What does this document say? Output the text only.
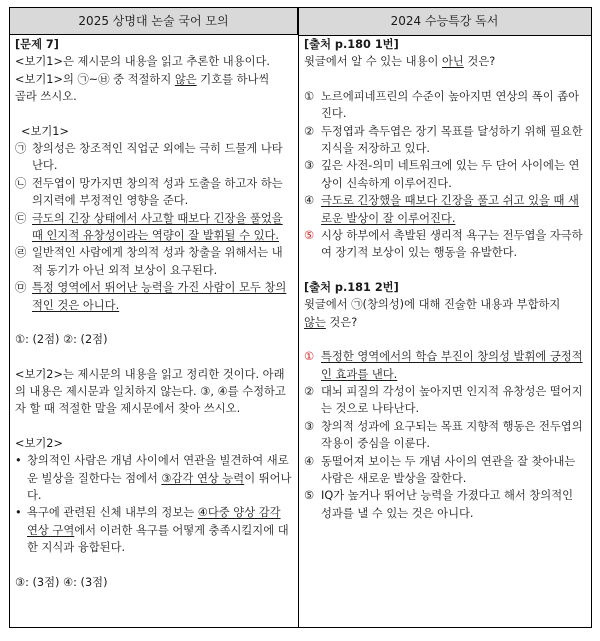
2025 상명대 논술 국어 모의	2024 수능특강 독서

[문제 7]

<보기1>은 제시문의 내용을 읽고 추론한 내용이다.

<보기1>의 ㉠~㉥ 중 적절하지 않은 기호를 하나씩

골라 쓰시오.

<보기1>

㉠ 창의성은 창조적인 직업군 외에는 극히 드물게 나타난다.
㉡ 전두엽이 망가지면 창의적 성과 도출을 하고자 하는 의지력에 부정적인 영향을 준다.
㉢ 극도의 긴장 상태에서 사고할 때보다 긴장을 풀었을 때 인지적 유창성이라는 역량이 잘 발휘될 수 있다.
㉣ 일반적인 사람에게 창의적 성과 창출을 위해서는 내적 동기가 아닌 외적 보상이 요구된다.
㉤ 특정 영역에서 뛰어난 능력을 가진 사람이 모두 창의적인 것은 아니다.

①: (2점) ②: (2점)

<보기2>는 제시문의 내용을 읽고 정리한 것이다. 아래의 내용은 제시문과 일치하지 않는다. ③, ④를 수정하고자 할 때 적절한 말을 제시문에서 찾아 쓰시오.

<보기2>

• 창의적인 사람은 개념 사이에서 연관을 빌견하여 새로운 빌상을 질한다는 점에서 ③감각 연상 능력이 뛰어나다.
• 욕구에 관련된 신체 내부의 정보는 ④다중 양상 감각 연상 구역에서 이러한 욕구를 어떻게 충족시킬지에 대한 지식과 융합된다.

③: (3점) ④: (3점)

[출처 p.180 1번]

윗글에서 알 수 있는 내용이 아닌 것은?

① 노르에피네프린의 수준이 높아지면 연상의 폭이 좁아진다.
② 두정엽과 측두엽은 장기 목표를 달성하기 위해 필요한 지식을 저장하고 있다.
③ 깊은 사전-의미 네트워크에 있는 두 단어 사이에는 연상이 신속하게 이루어진다.
④ 극도로 긴장했을 때보다 긴장을 풀고 쉬고 있을 때 새로운 발상이 잘 이루어진다.
⑤ 시상 하부에서 촉발된 생리적 욕구는 전두엽을 자극하여 장기적 보상이 있는 행동을 유발한다.

[출처 p.181 2번]

윗글에서 ㉠(창의성)에 대해 진술한 내용과 부합하지

않는 것은?

① 특정한 영역에서의 학습 부진이 창의성 발휘에 긍정적인 효과를 낸다.
② 대뇌 피질의 각성이 높아지면 인지적 유창성은 떨어지는 것으로 나타난다.
③ 창의적 성과에 요구되는 목표 지향적 행동은 전두엽의 작용이 중심을 이룬다.
④ 동떨어져 보이는 두 개념 사이의 연관을 잘 찾아내는 사람은 새로운 발상을 잘한다.
⑤ IQ가 높거나 뛰어난 능력을 가졌다고 해서 창의적인 성과를 낼 수 있는 것은 아니다.
